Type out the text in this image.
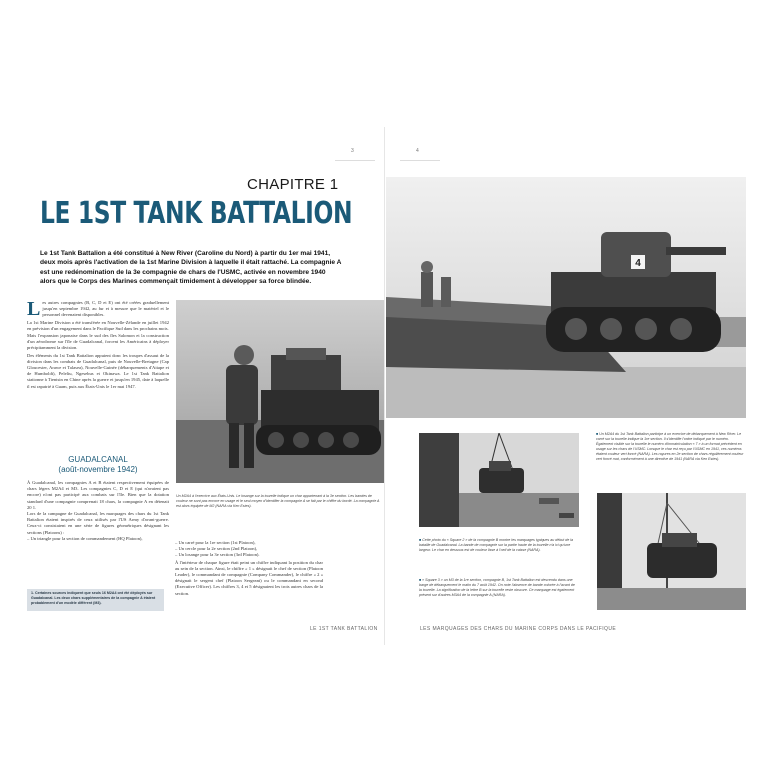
3	4
CHAPITRE 1
LE 1ST TANK BATTALION
Le 1st Tank Battalion a été constitué à New River (Caroline du Nord) à partir du 1er mai 1941, deux mois après l'activation de la 1st Marine Division à laquelle il était rattaché. La compagnie A est une redénomination de la 3e compagnie de chars de l'USMC, activée en novembre 1940 alors que le Corps des Marines commençait timidement à développer sa force blindée.
L es autres compagnies (B, C, D et E) ont été créées graduellement jusqu'en septembre 1942, au fur et à mesure que le matériel et le personnel devenaient disponibles.

La 1st Marine Division a été transférée en Nouvelle-Zélande en juillet 1942 en prévision d'un engagement dans le Pacifique Sud dans les prochains mois.

Mais l'expansion japonaise dans le sud des îles Salomon et la construction d'un aérodrome sur l'île de Guadalcanal, forcent les Américains à déployer précipitamment la division.

Des éléments du 1st Tank Battalion appuient donc les troupes d'assaut de la division dans les combats de Guadalcanal, puis de Nouvelle-Bretagne (Cap Gloucester, Arawe et Talasea), Nouvelle-Guinée (débarquements d'Aitape et de Humboldt), Peleliu, Ngesebus et Okinawa. Le 1st Tank Battalion stationne à Tientsin en Chine après la guerre et jusqu'en 1945, date à laquelle il est rapatrié à Guam, puis aux États-Unis le 1er mai 1947.

GUADALCANAL
(août-novembre 1942)

À Guadalcanal, les compagnies A et B étaient respectivement équipées de chars légers M2A4 et M3. Les compagnies C, D et E (qui n'avaient pas encore) n'ont pas participé aux combats sur l'île. Bien que la dotation standard d'une compagnie comprenait 18 chars, la compagnie A en détenait 20 1.

Lors de la campagne de Guadalcanal, les marquages des chars du 1st Tank Battalion étaient inspirés de ceux utilisés par l'US Army d'avant-guerre. Ceux-ci consistaient en une série de figures géométriques désignant les sections (Platoons) :

– Un triangle pour la section de commandement (HQ Platoon),

1. Certaines sources indiquent que seuls 16 M2A4 ont été déployés sur Guadalcanal. Les deux chars supplémentaires de la compagnie A étaient probablement d'un modèle différent (M3).

– Un carré pour la 1re section (1st Platoon),

– Un cercle pour la 2e section (2nd Platoon),

– Un losange pour la 3e section (3rd Platoon).

À l'intérieur de chaque figure était peint un chiffre indiquant la position du char au sein de la section. Ainsi, le chiffre « 1 » désignait le chef de section (Platoon Leader), le commandant de compagnie (Company Commander), le chiffre « 2 » désignait le sergent chef (Platoon Sergeant) ou le commandant en second (Executive Officer). Les chiffres 3, 4 et 5 désignaient les trois autres chars de la section.

Un M2A4 à l'exercice aux États-Unis. Le losange sur la tourelle indique un char appartenant à la 3e section. Les bandes de couleur ne sont pas encore en usage et le seul moyen d'identifier la compagnie A se fait par le chiffre du bordé. La compagnie A est alors équipée de M2 (NARA via Ken Estes).
4
■ Un M2A4 du 1st Tank Battalion participe à un exercice de débarquement à New River. Le carré sur la tourelle indique la 1re section. Il s'identifie l'ordre indiqué par le numéro. Également visible sur la tourelle le numéro d'immatriculation « 7 » à un format précédent en usage sur les chars de l'USMC. Lorsque le char est reçu par l'USMC en 1941, ces numéros étaient couleur vert foncé (NARA). Les rayures en 2e section de chars régulièrement couleur vert foncé mat, conformément à une directive de 1941 (NARA via Ken Estes).
■ Cette photo du « Square 2 » de la compagnie B montre les marquages typiques au début de la bataille de Guadalcanal. La bande de compagnie sur la partie haute de la tourelle n'a ici qu'une largeur. Le char en dessous est de couleur lisse à l'oeil de la caisse (NARA).
■ « Square 3 » un M3 de la 1re section, compagnie B, 1st Tank Battalion est descendu dans une barge de débarquement le matin du 7 août 1942. On note l'absence de bande colorée à l'avant de la tourelle. La signification de la lettre B sur la tourelle reste obscure. Ce marquage est également présent sur d'autres M3A4 de la compagnie A (NARA).
LE 1ST TANK BATTALION	LES MARQUAGES DES CHARS DU MARINE CORPS DANS LE PACIFIQUE
